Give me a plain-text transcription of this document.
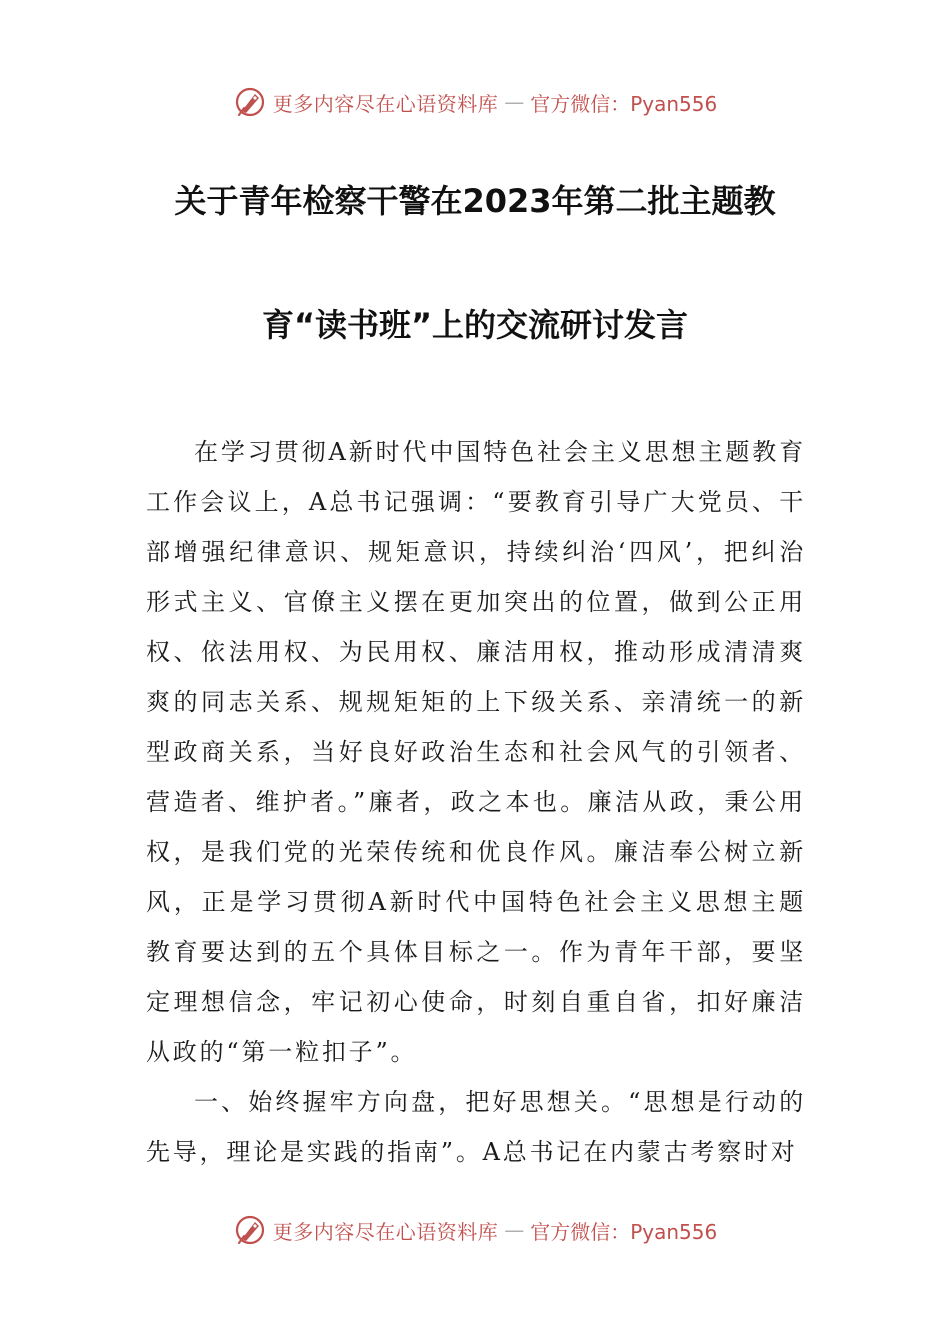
更多内容尽在心语资料库 — 官方微信：Pyan556
关于青年检察干警在2023年第二批主题教
育“读书班”上的交流研讨发言

在学习贯彻A新时代中国特色社会主义思想主题教育工作会议上，A总书记强调：“要教育引导广大党员、干部增强纪律意识、规矩意识，持续纠治‘四风’，把纠治形式主义、官僚主义摆在更加突出的位置，做到公正用权、依法用权、为民用权、廉洁用权，推动形成清清爽爽的同志关系、规规矩矩的上下级关系、亲清统一的新型政商关系，当好良好政治生态和社会风气的引领者、营造者、维护者。”廉者，政之本也。廉洁从政，秉公用权，是我们党的光荣传统和优良作风。廉洁奉公树立新风，正是学习贯彻A新时代中国特色社会主义思想主题教育要达到的五个具体目标之一。作为青年干部，要坚定理想信念，牢记初心使命，时刻自重自省，扣好廉洁从政的“第一粒扣子”。

一、始终握牢方向盘，把好思想关。“思想是行动的先导，理论是实践的指南”。A总书记在内蒙古考察时对

更多内容尽在心语资料库 — 官方微信：Pyan556
